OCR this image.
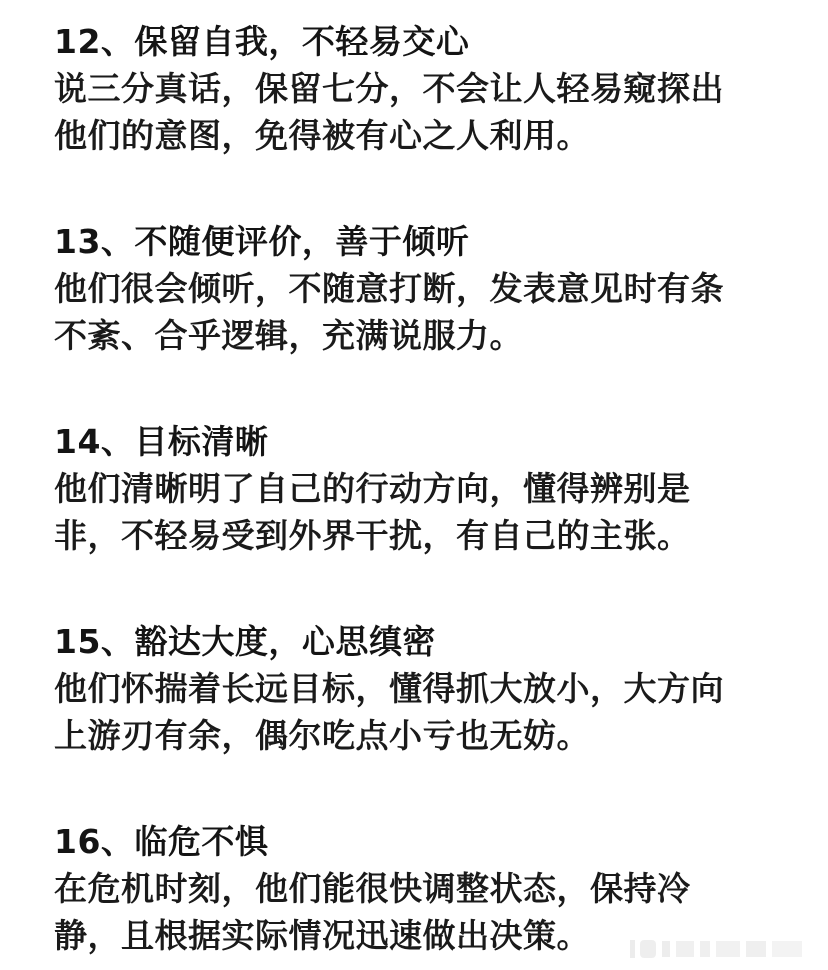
12、保留自我，不轻易交心
说三分真话，保留七分，不会让人轻易窥探出
他们的意图，免得被有心之人利用。
13、不随便评价，善于倾听
他们很会倾听，不随意打断，发表意见时有条
不紊、合乎逻辑，充满说服力。
14、目标清晰
他们清晰明了自己的行动方向，懂得辨别是
非，不轻易受到外界干扰，有自己的主张。
15、豁达大度，心思缜密
他们怀揣着长远目标，懂得抓大放小，大方向
上游刃有余，偶尔吃点小亏也无妨。
16、临危不惧
在危机时刻，他们能很快调整状态，保持冷
静，且根据实际情况迅速做出决策。
